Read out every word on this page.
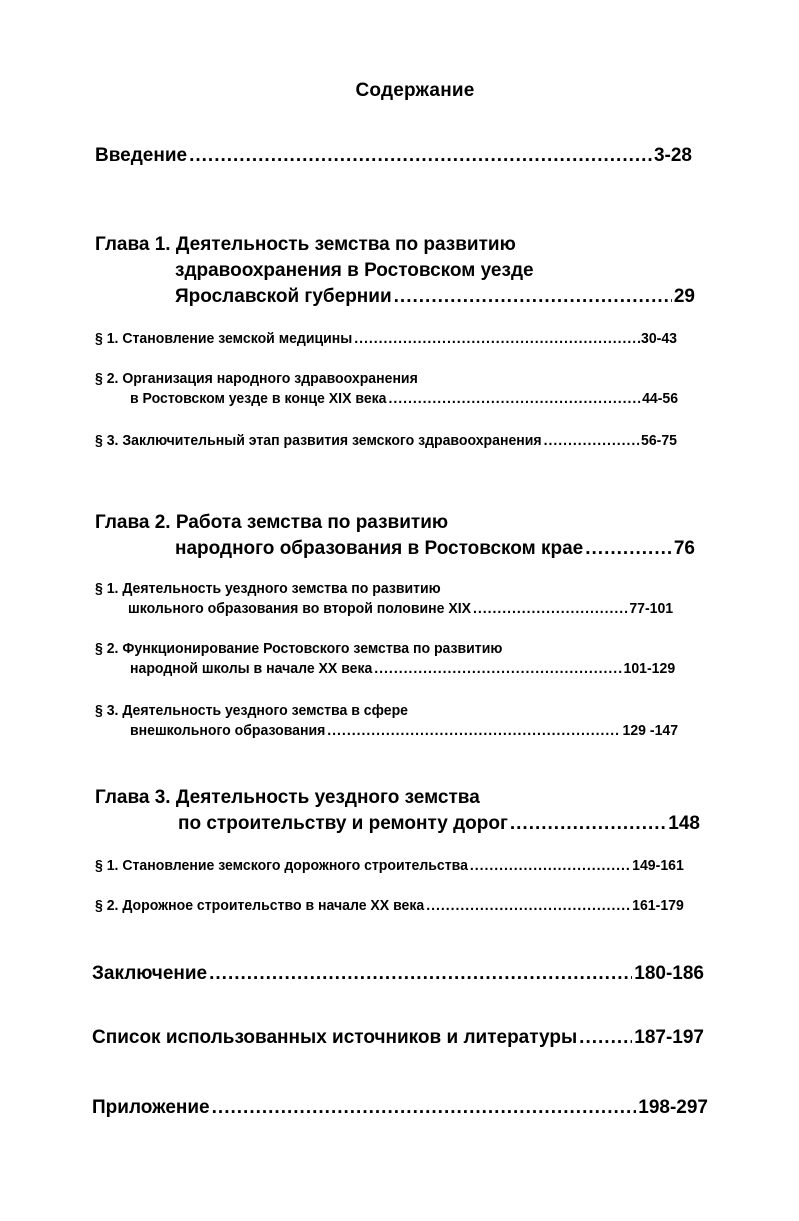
Содержание
Введение .....	3-28
Глава 1. Деятельность земства по развитию
здравоохранения в Ростовском уезде
Ярославской губернии .....	29
§ 1. Становление земской медицины .....	.30-43
§ 2. Организация народного здравоохранения
в Ростовском уезде в конце XIX века .....	44-56
§ 3. Заключительный этап развития земского здравоохранения .....	56-75
Глава 2. Работа земства по развитию
народного образования в Ростовском крае .....	76
§ 1. Деятельность уездного земства по развитию
школьного образования во второй половине XIX .....	77-101
§ 2. Функционирование Ростовского земства по развитию
народной школы в начале XX века .....	101-129
§ 3. Деятельность уездного земства в сфере
внешкольного образования .....	129 -147
Глава 3. Деятельность уездного земства
по строительству и ремонту дорог .....	148
§ 1. Становление земского дорожного строительства .....	149-161
§ 2. Дорожное строительство в начале XX века .....	161-179
Заключение .....	180-186
Список использованных источников и литературы .....	187-197
Приложение .....	198-297
